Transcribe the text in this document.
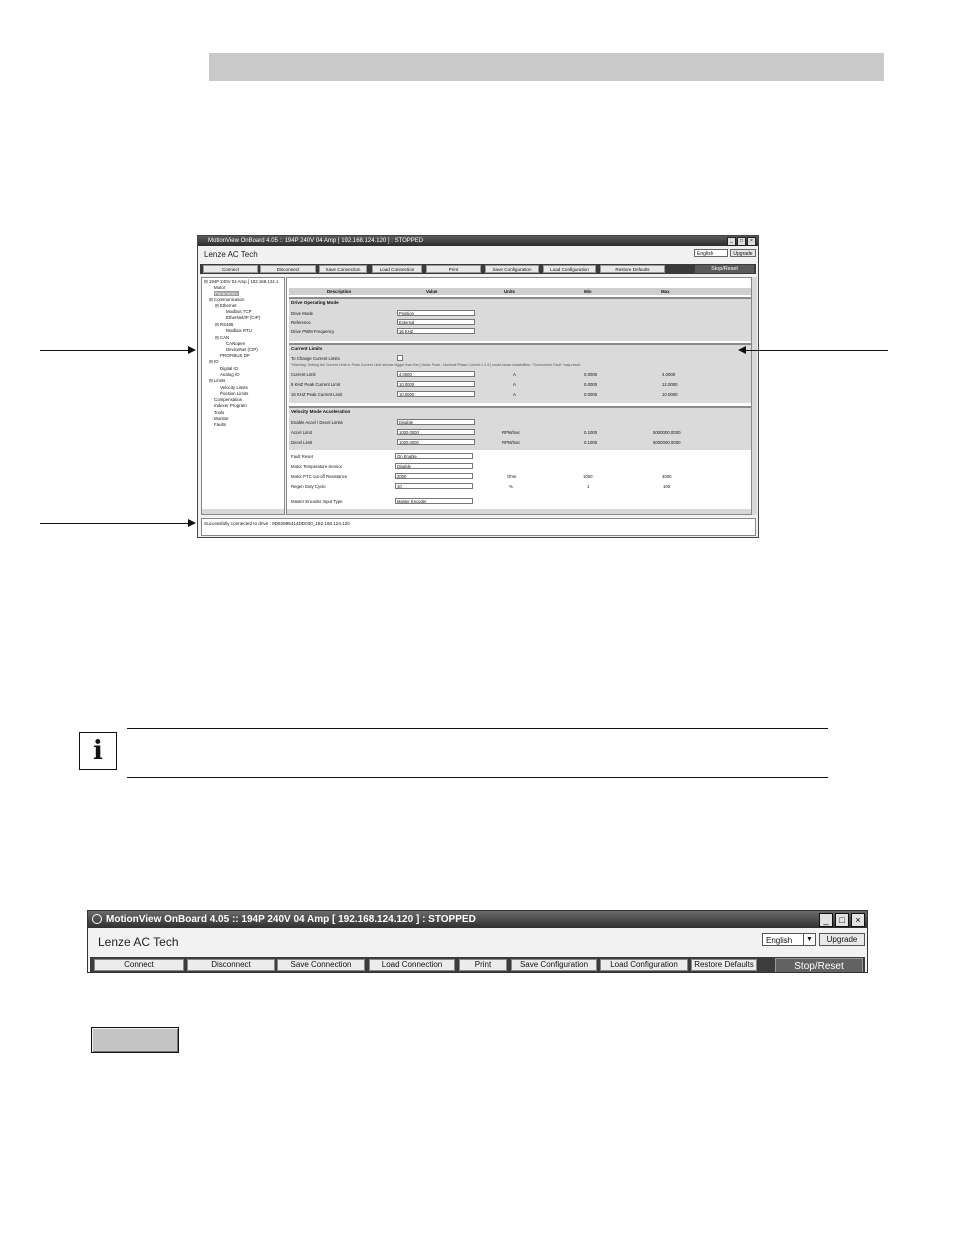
MotionView OnBoard 4.05 :: 194P 240V 04 Amp [ 192.168.124.120 ] : STOPPED	_	□	×
Lenze AC Tech	English	Upgrade
Connect	Disconnect	Save Connection	Load Connection	Print	Save Configuration	Load Configuration	Restore Defaults	Stop/Reset
⊟ 194P 240V 04 Amp [ 192.168.124.1
Motor
Parameters
⊟ Communication
⊟ Ethernet
Modbus TCP
EtherNet/IP (CIP)
⊟ RS485
Modbus RTU
⊟ CAN
CANopen
DeviceNet (CIP)
PROFIBUS DP
⊟ IO
Digital IO
Analog IO
⊟ Limits
Velocity Limits
Position Limits
Compensation
Indexer Program
Tools
Monitor
Faults
Description	Value	Units	Min	Max
Drive Operating Mode
Drive Mode	Position
Reference	External
Drive PWM Frequency	16 KHZ
Current Limits
To Change Current Limits
*Warning: Setting the Current Limit or Peak Current Limit at/near bigger than the [ Motor Peak - Nominal Phase Current x 2.5 ] could cause instabilities. "Overcurrent Fault" may result.
Current Limit	4.0000	A	0.0000	4.0000
8 KHZ Peak Current Limit	10.0000	A	0.0000	12.0000
16 KHZ Peak Current Limit	10.0000	A	0.0000	10.0000
Velocity Mode Acceleration
Enable Accel / Decel Limits	Disable
Accel Limit	1000.0000	RPM/Sec	0.1000	5000000.0000
Decel Limit	1000.0000	RPM/Sec	0.1000	5000000.0000
Fault Reset	On Enable
Motor Temperature Sensor	Disable
Motor PTC cut-off Resistance	2000	Ohm	1000	4000
Regen Duty Cycle	10	%	1	100
Master Encoder Input Type	Master Encoder
Successfully connected to drive : 9D82995414DD030_192.168.124.120
i
MotionView OnBoard 4.05 :: 194P 240V 04 Amp [ 192.168.124.120 ] : STOPPED	_	□	×
Lenze AC Tech	English	▼	Upgrade
Connect	Disconnect	Save Connection	Load Connection	Print	Save Configuration	Load Configuration	Restore Defaults	Stop/Reset
